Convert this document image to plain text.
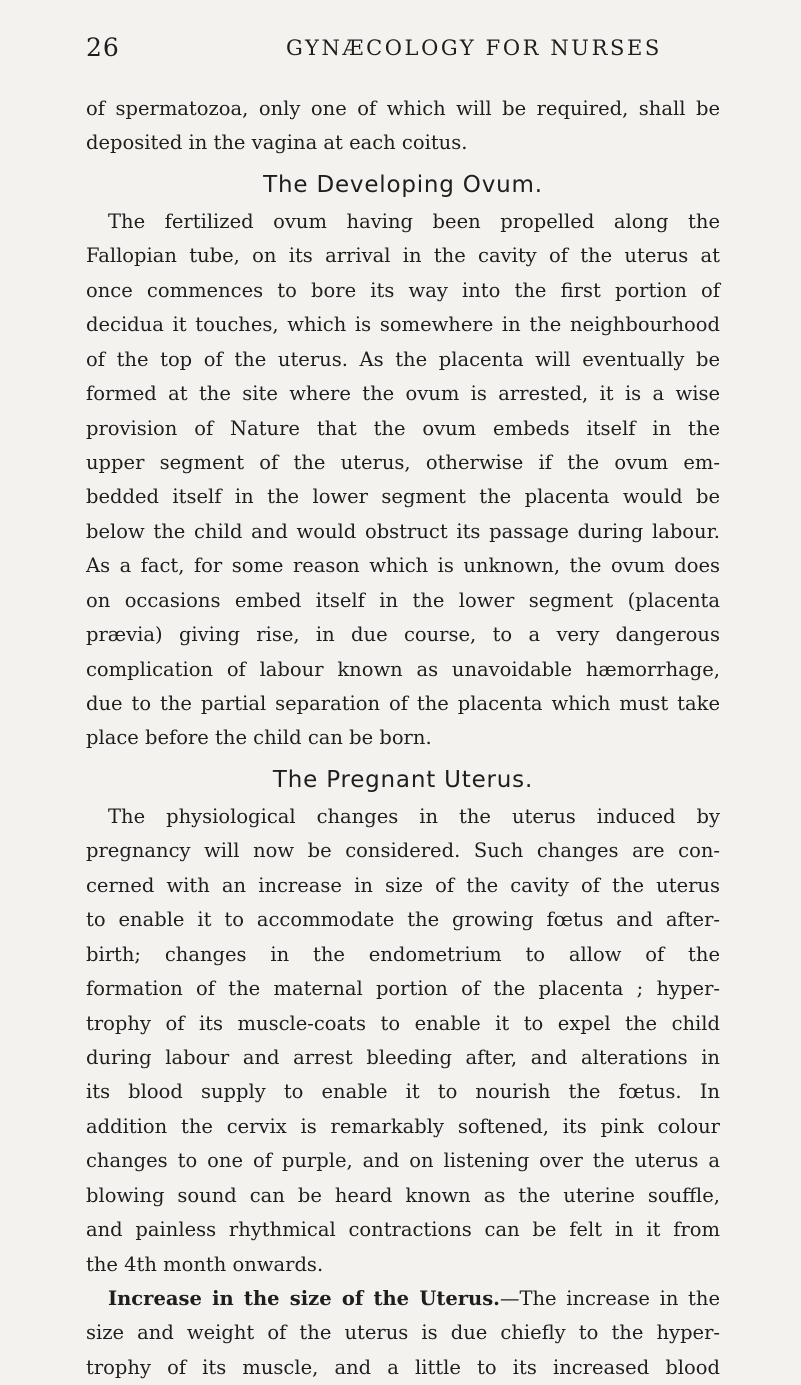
26	GYNÆCOLOGY FOR NURSES
of spermatozoa, only one of which will be required, shall be
deposited in the vagina at each coitus.
The Developing Ovum.
The fertilized ovum having been propelled along the
Fallopian tube, on its arrival in the cavity of the uterus at
once commences to bore its way into the first portion of
decidua it touches, which is somewhere in the neighbourhood
of the top of the uterus. As the placenta will eventually be
formed at the site where the ovum is arrested, it is a wise
provision of Nature that the ovum embeds itself in the
upper segment of the uterus, otherwise if the ovum em-
bedded itself in the lower segment the placenta would be
below the child and would obstruct its passage during labour.
As a fact, for some reason which is unknown, the ovum does
on occasions embed itself in the lower segment (placenta
prævia) giving rise, in due course, to a very dangerous
complication of labour known as unavoidable hæmorrhage,
due to the partial separation of the placenta which must take
place before the child can be born.
The Pregnant Uterus.
The physiological changes in the uterus induced by
pregnancy will now be considered. Such changes are con-
cerned with an increase in size of the cavity of the uterus
to enable it to accommodate the growing fœtus and after-
birth; changes in the endometrium to allow of the
formation of the maternal portion of the placenta ; hyper-
trophy of its muscle-coats to enable it to expel the child
during labour and arrest bleeding after, and alterations in
its blood supply to enable it to nourish the fœtus. In
addition the cervix is remarkably softened, its pink colour
changes to one of purple, and on listening over the uterus a
blowing sound can be heard known as the uterine souffle,
and painless rhythmical contractions can be felt in it from
the 4th month onwards.
Increase in the size of the Uterus.—The increase in the
size and weight of the uterus is due chiefly to the hyper-
trophy of its muscle, and a little to its increased blood
